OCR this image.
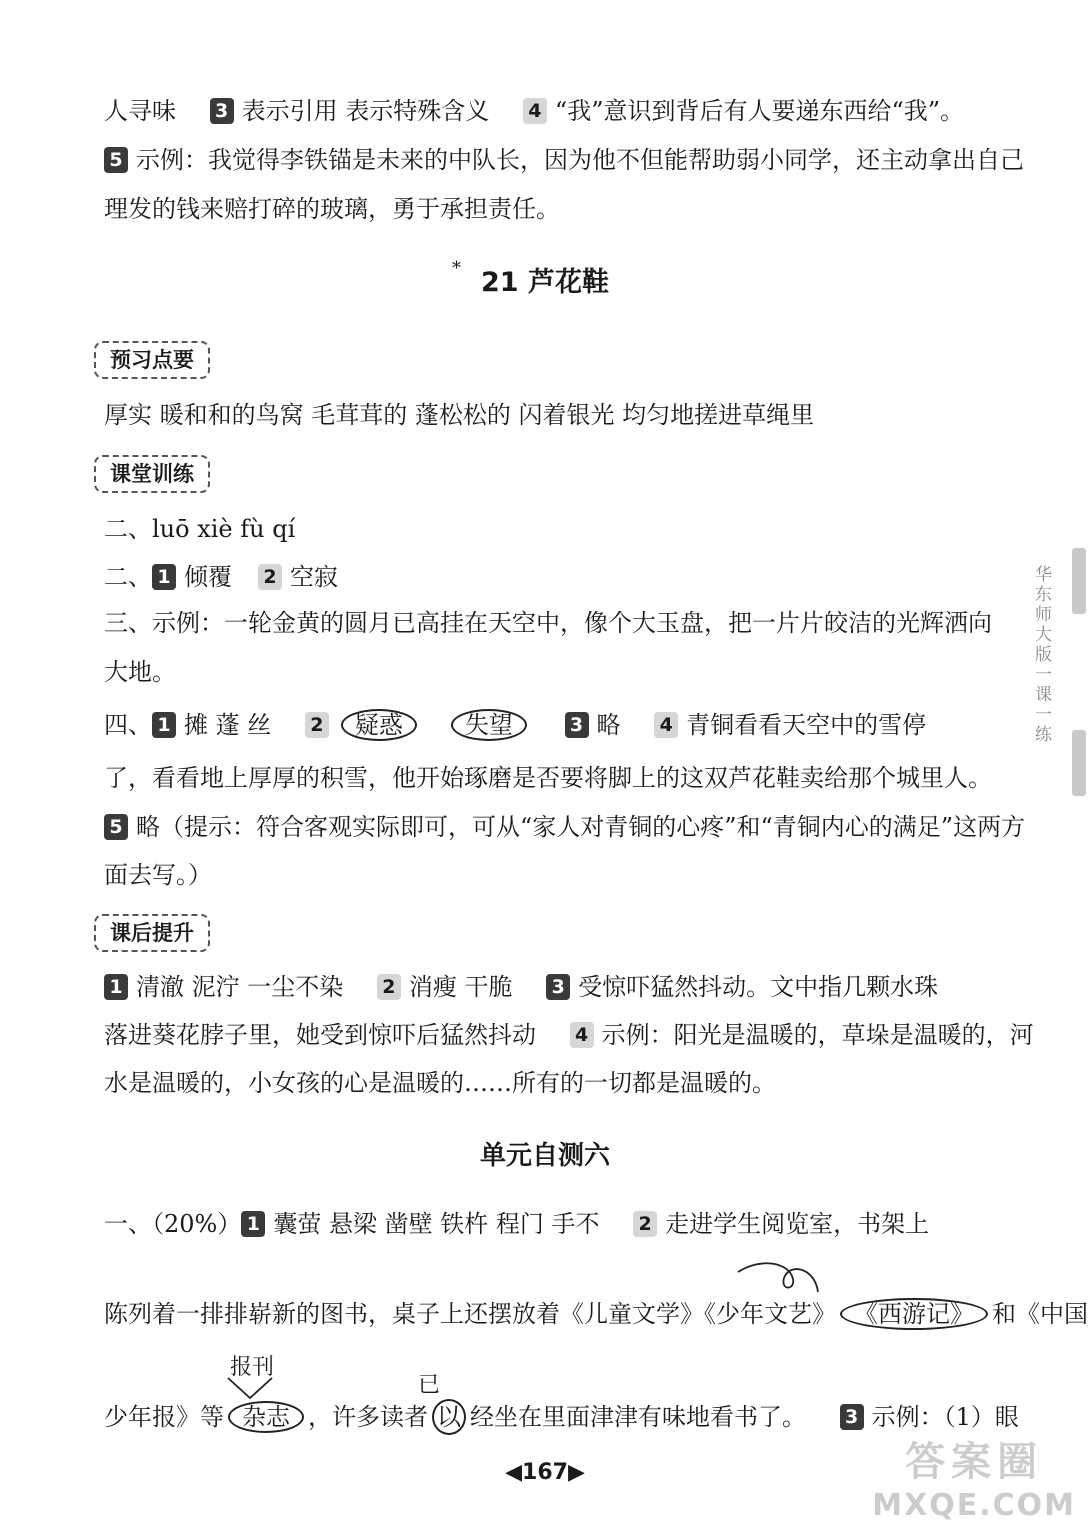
人寻味 3 表示引用 表示特殊含义 4 “我”意识到背后有人要递东西给“我”。
5 示例：我觉得李铁锚是未来的中队长，因为他不但能帮助弱小同学，还主动拿出自己
理发的钱来赔打碎的玻璃，勇于承担责任。
* 21 芦花鞋
预习点要
厚实 暖和和的鸟窝 毛茸茸的 蓬松松的 闪着银光 均匀地搓进草绳里
课堂训练
二、luō xiè fù qí
二、 1 倾覆 2 空寂
三、示例：一轮金黄的圆月已高挂在天空中，像个大玉盘，把一片片皎洁的光辉洒向
大地。
四、 1 摊 蓬 丝 2 疑惑	失望	3 略 4 青铜看看天空中的雪停
了，看看地上厚厚的积雪，他开始琢磨是否要将脚上的这双芦花鞋卖给那个城里人。
5 略（提示：符合客观实际即可，可从“家人对青铜的心疼”和“青铜内心的满足”这两方
面去写。）
课后提升
1 清澈 泥泞 一尘不染 2 消瘦 干脆 3 受惊吓猛然抖动。文中指几颗水珠
落进葵花脖子里，她受到惊吓后猛然抖动 4 示例：阳光是温暖的，草垛是温暖的，河
水是温暖的，小女孩的心是温暖的……所有的一切都是温暖的。
单元自测六
一、（20%） 1 囊萤 悬梁 凿壁 铁杵 程门 手不 2 走进学生阅览室，书架上
陈列着一排排崭新的图书，桌子上还摆放着《儿童文学》《少年文艺》 《西游记》 和《中国
报刊
已
少年报》等 杂志 ，许多读者 以 经坐在里面津津有味地看书了。 3 示例：（1）眼
华东师大版一课一练
◀167▶	答案圈
MXQE.COM
